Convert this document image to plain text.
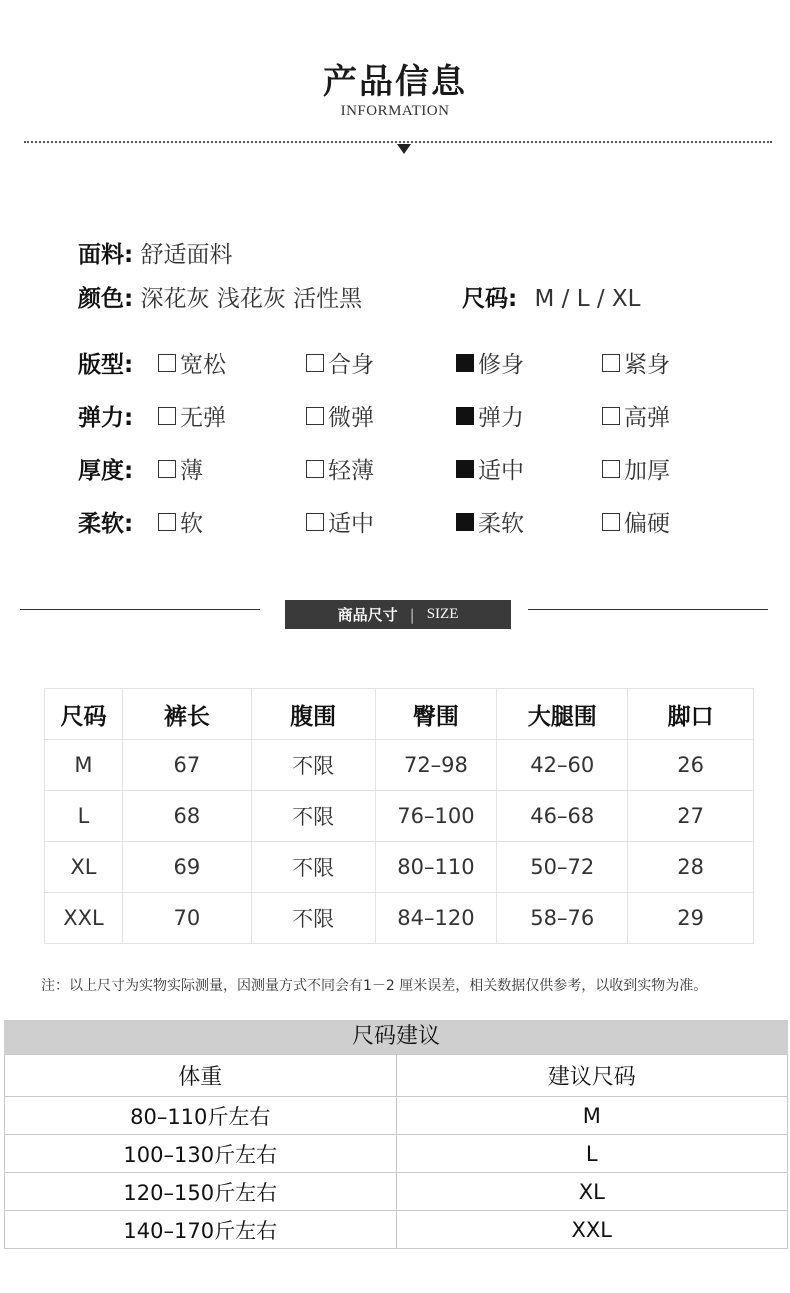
产品信息
INFORMATION
面料: 舒适面料
颜色: 深花灰 浅花灰 活性黑	尺码: M / L / XL
版型: 宽松	合身	修身	紧身
弹力: 无弹	微弹	弹力	高弹
厚度: 薄	轻薄	适中	加厚
柔软: 软	适中	柔软	偏硬
商品尺寸 | SIZE
尺码	裤长	腹围	臀围	大腿围	脚口
M	67	不限	72–98	42–60	26
L	68	不限	76–100	46–68	27
XL	69	不限	80–110	50–72	28
XXL	70	不限	84–120	58–76	29
注：以上尺寸为实物实际测量，因测量方式不同会有1－2 厘米误差，相关数据仅供参考，以收到实物为准。
尺码建议
体重	建议尺码
80–110斤左右	M
100–130斤左右	L
120–150斤左右	XL
140–170斤左右	XXL
